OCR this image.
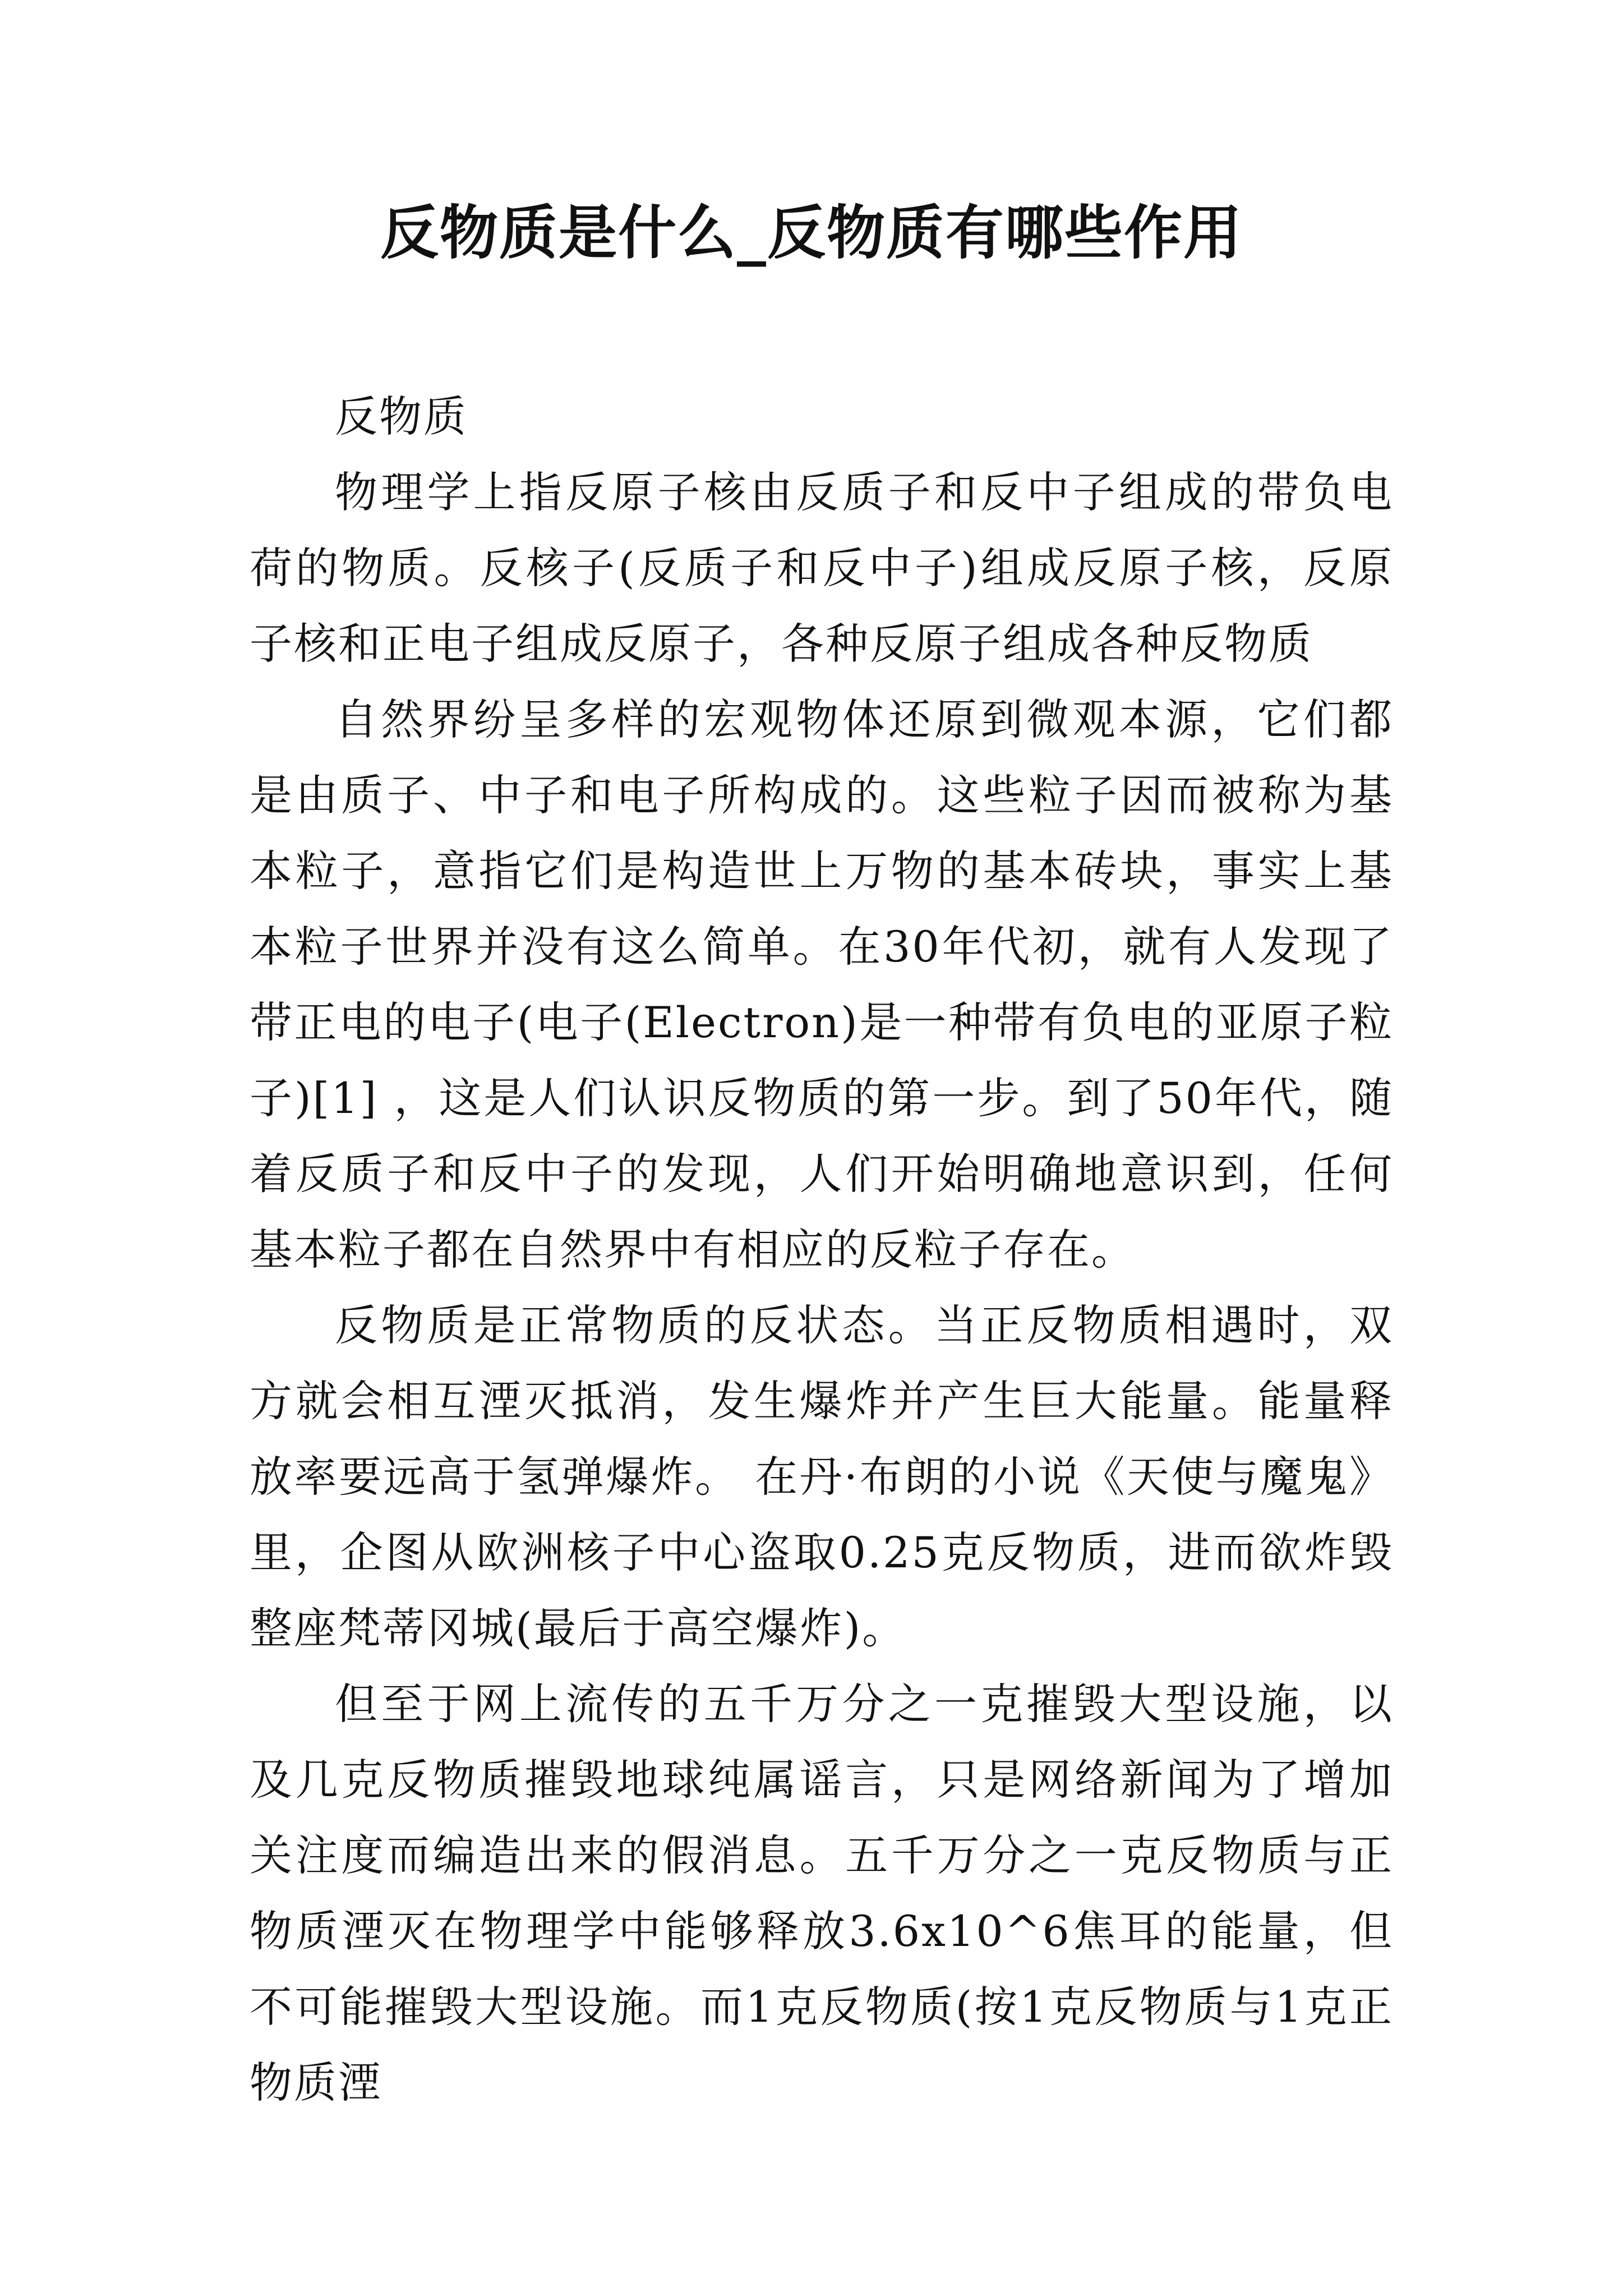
反物质是什么_反物质有哪些作用

反物质

物理学上指反原子核由反质子和反中子组成的带负电荷的物质。反核子(反质子和反中子)组成反原子核，反原子核和正电子组成反原子，各种反原子组成各种反物质

自然界纷呈多样的宏观物体还原到微观本源，它们都是由质子、中子和电子所构成的。这些粒子因而被称为基本粒子，意指它们是构造世上万物的基本砖块，事实上基本粒子世界并没有这么简单。在30年代初，就有人发现了带正电的电子(电子(Electron)是一种带有负电的亚原子粒子)[1] ，这是人们认识反物质的第一步。到了50年代，随着反质子和反中子的发现，人们开始明确地意识到，任何基本粒子都在自然界中有相应的反粒子存在。

反物质是正常物质的反状态。当正反物质相遇时，双方就会相互湮灭抵消，发生爆炸并产生巨大能量。能量释放率要远高于氢弹爆炸。 在丹·布朗的小说《天使与魔鬼》里，企图从欧洲核子中心盗取0.25克反物质，进而欲炸毁整座梵蒂冈城(最后于高空爆炸)。

但至于网上流传的五千万分之一克摧毁大型设施，以及几克反物质摧毁地球纯属谣言，只是网络新闻为了增加关注度而编造出来的假消息。五千万分之一克反物质与正物质湮灭在物理学中能够释放3.6x10^6焦耳的能量，但不可能摧毁大型设施。而1克反物质(按1克反物质与1克正物质湮
